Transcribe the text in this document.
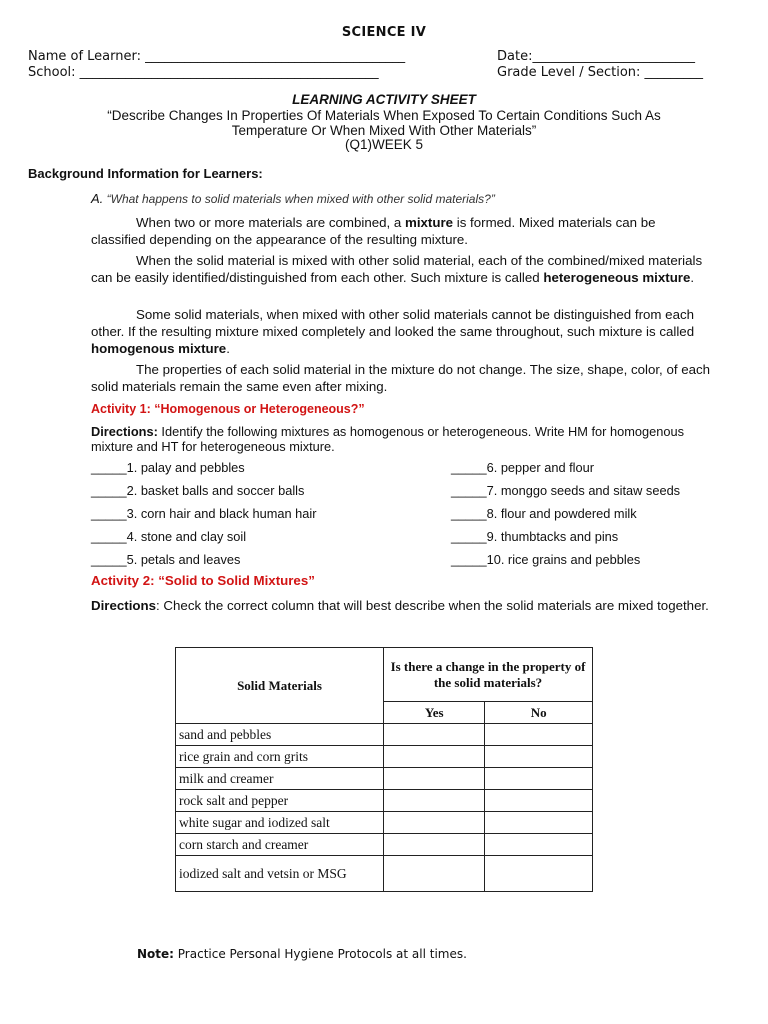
SCIENCE IV
Name of Learner: ________________________________________	Date:_________________________
School: ______________________________________________	Grade Level / Section: _________
LEARNING ACTIVITY SHEET
“Describe Changes In Properties Of Materials When Exposed To Certain Conditions Such As
Temperature Or When Mixed With Other Materials”
(Q1)WEEK 5
Background Information for Learners:
A. “What happens to solid materials when mixed with other solid materials?”
When two or more materials are combined, a mixture is formed. Mixed materials can be classified depending on the appearance of the resulting mixture.
When the solid material is mixed with other solid material, each of the combined/mixed materials can be easily identified/distinguished from each other. Such mixture is called heterogeneous mixture.
Some solid materials, when mixed with other solid materials cannot be distinguished from each other. If the resulting mixture mixed completely and looked the same throughout, such mixture is called homogenous mixture.
The properties of each solid material in the mixture do not change. The size, shape, color, of each solid materials remain the same even after mixing.
Activity 1: “Homogenous or Heterogeneous?”
Directions: Identify the following mixtures as homogenous or heterogeneous. Write HM for homogenous mixture and HT for heterogeneous mixture.
_____1. palay and pebbles
_____2. basket balls and soccer balls
_____3. corn hair and black human hair
_____4. stone and clay soil
_____5. petals and leaves
_____6. pepper and flour
_____7. monggo seeds and sitaw seeds
_____8. flour and powdered milk
_____9. thumbtacks and pins
_____10. rice grains and pebbles
Activity 2: “Solid to Solid Mixtures”
Directions: Check the correct column that will best describe when the solid materials are mixed together.
Solid Materials	Is there a change in the property of the solid materials?	
	Yes	No
sand and pebbles		
rice grain and corn grits		
milk and creamer		
rock salt and pepper		
white sugar and iodized salt		
corn starch and creamer		
iodized salt and vetsin or MSG		
Note: Practice Personal Hygiene Protocols at all times.
